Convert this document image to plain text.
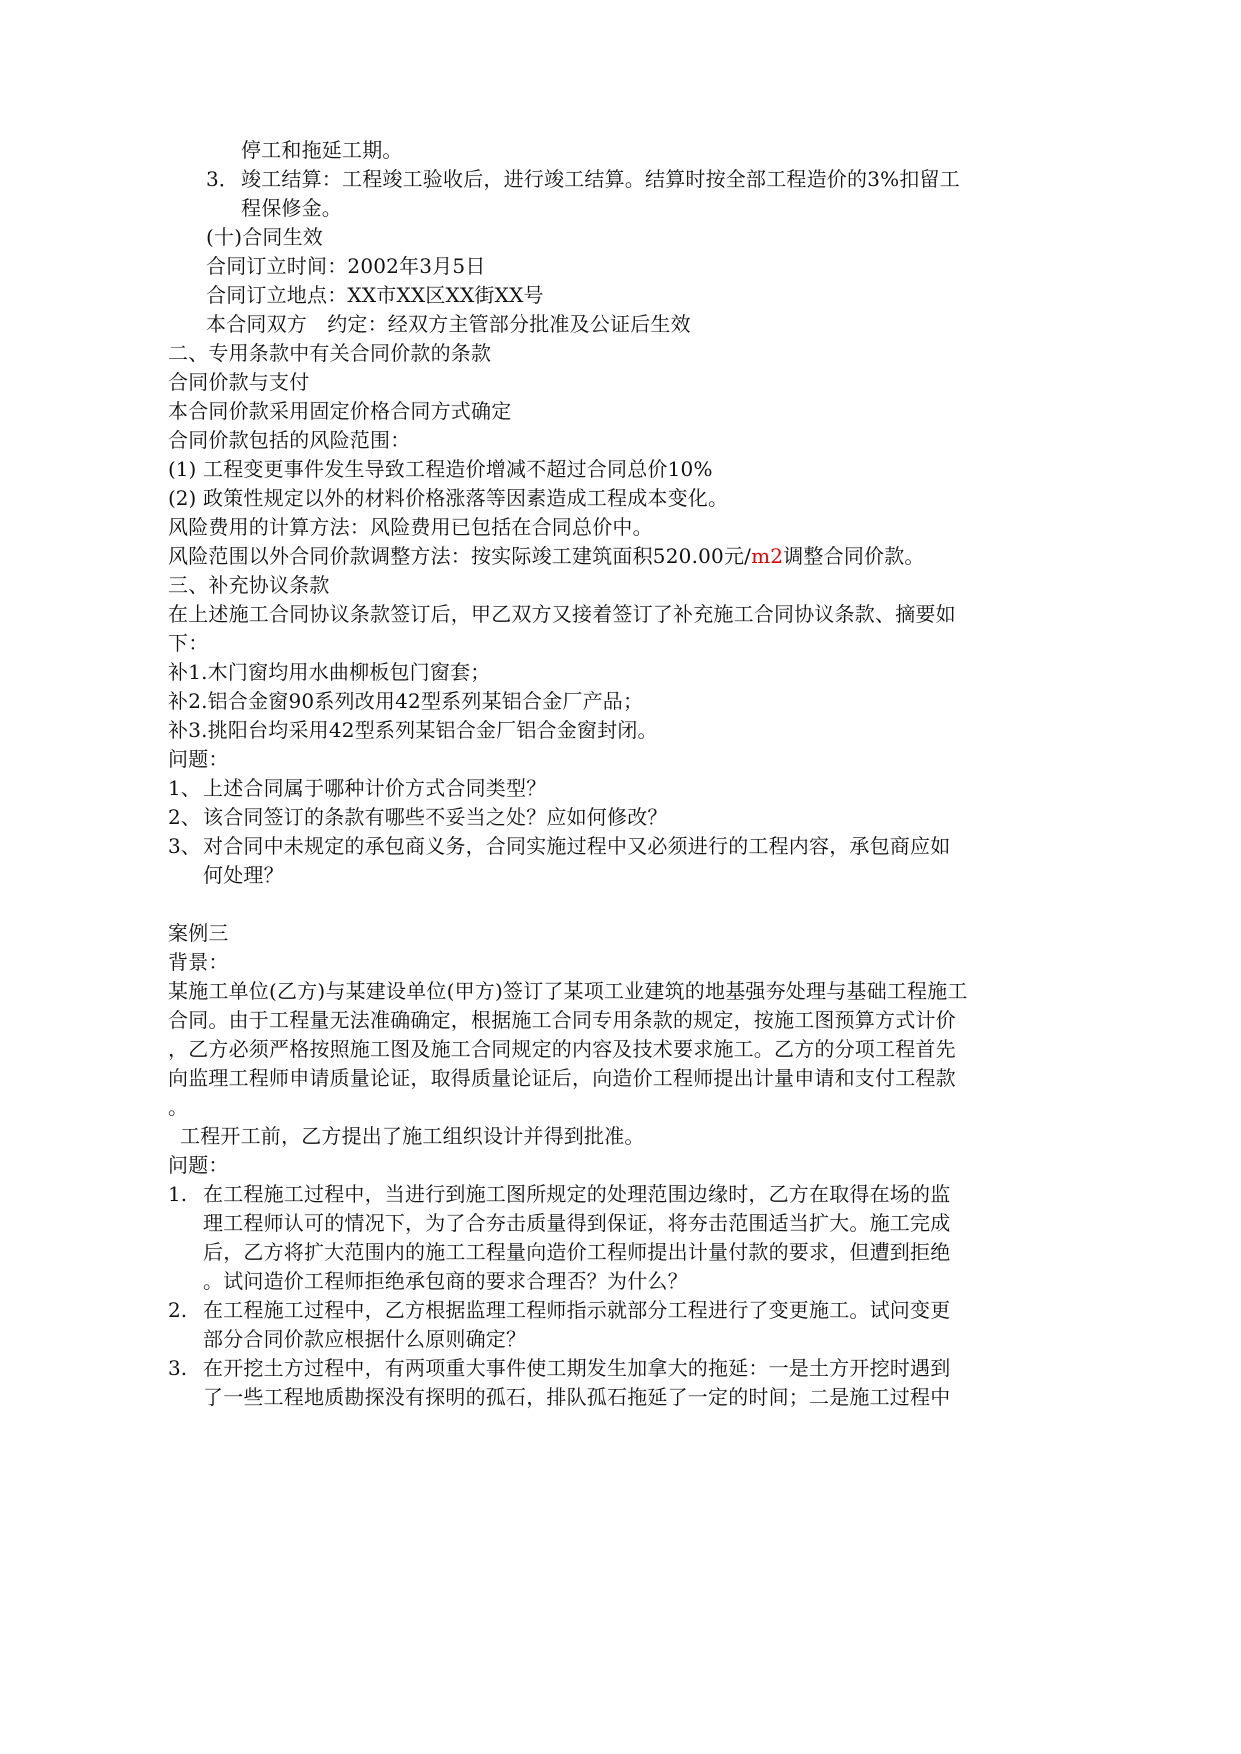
停工和拖延工期。
3． 竣工结算：工程竣工验收后，进行竣工结算。结算时按全部工程造价的3%扣留工
程保修金。
(十)合同生效
合同订立时间：2002年3月5日
合同订立地点：XX市XX区XX街XX号
本合同双方　约定：经双方主管部分批准及公证后生效
二、专用条款中有关合同价款的条款
合同价款与支付
本合同价款采用固定价格合同方式确定
合同价款包括的风险范围：
(1) 工程变更事件发生导致工程造价增减不超过合同总价10%
(2) 政策性规定以外的材料价格涨落等因素造成工程成本变化。
风险费用的计算方法：风险费用已包括在合同总价中。
风险范围以外合同价款调整方法：按实际竣工建筑面积520.00元/m2调整合同价款。
三、补充协议条款
在上述施工合同协议条款签订后，甲乙双方又接着签订了补充施工合同协议条款、摘要如
下：
补1.木门窗均用水曲柳板包门窗套；
补2.铝合金窗90系列改用42型系列某铝合金厂产品；
补3.挑阳台均采用42型系列某铝合金厂铝合金窗封闭。
问题：
1、 上述合同属于哪种计价方式合同类型？
2、 该合同签订的条款有哪些不妥当之处？应如何修改？
3、 对合同中未规定的承包商义务，合同实施过程中又必须进行的工程内容，承包商应如
何处理？
案例三
背景：
某施工单位(乙方)与某建设单位(甲方)签订了某项工业建筑的地基强夯处理与基础工程施工
合同。由于工程量无法准确确定，根据施工合同专用条款的规定，按施工图预算方式计价
，乙方必须严格按照施工图及施工合同规定的内容及技术要求施工。乙方的分项工程首先
向监理工程师申请质量论证，取得质量论证后，向造价工程师提出计量申请和支付工程款
。
工程开工前，乙方提出了施工组织设计并得到批准。
问题：
1. 在工程施工过程中，当进行到施工图所规定的处理范围边缘时，乙方在取得在场的监
理工程师认可的情况下，为了合夯击质量得到保证，将夯击范围适当扩大。施工完成
后，乙方将扩大范围内的施工工程量向造价工程师提出计量付款的要求，但遭到拒绝
。试问造价工程师拒绝承包商的要求合理否？为什么？
2. 在工程施工过程中，乙方根据监理工程师指示就部分工程进行了变更施工。试问变更
部分合同价款应根据什么原则确定？
3. 在开挖土方过程中，有两项重大事件使工期发生加拿大的拖延：一是土方开挖时遇到
了一些工程地质勘探没有探明的孤石，排队孤石拖延了一定的时间；二是施工过程中
